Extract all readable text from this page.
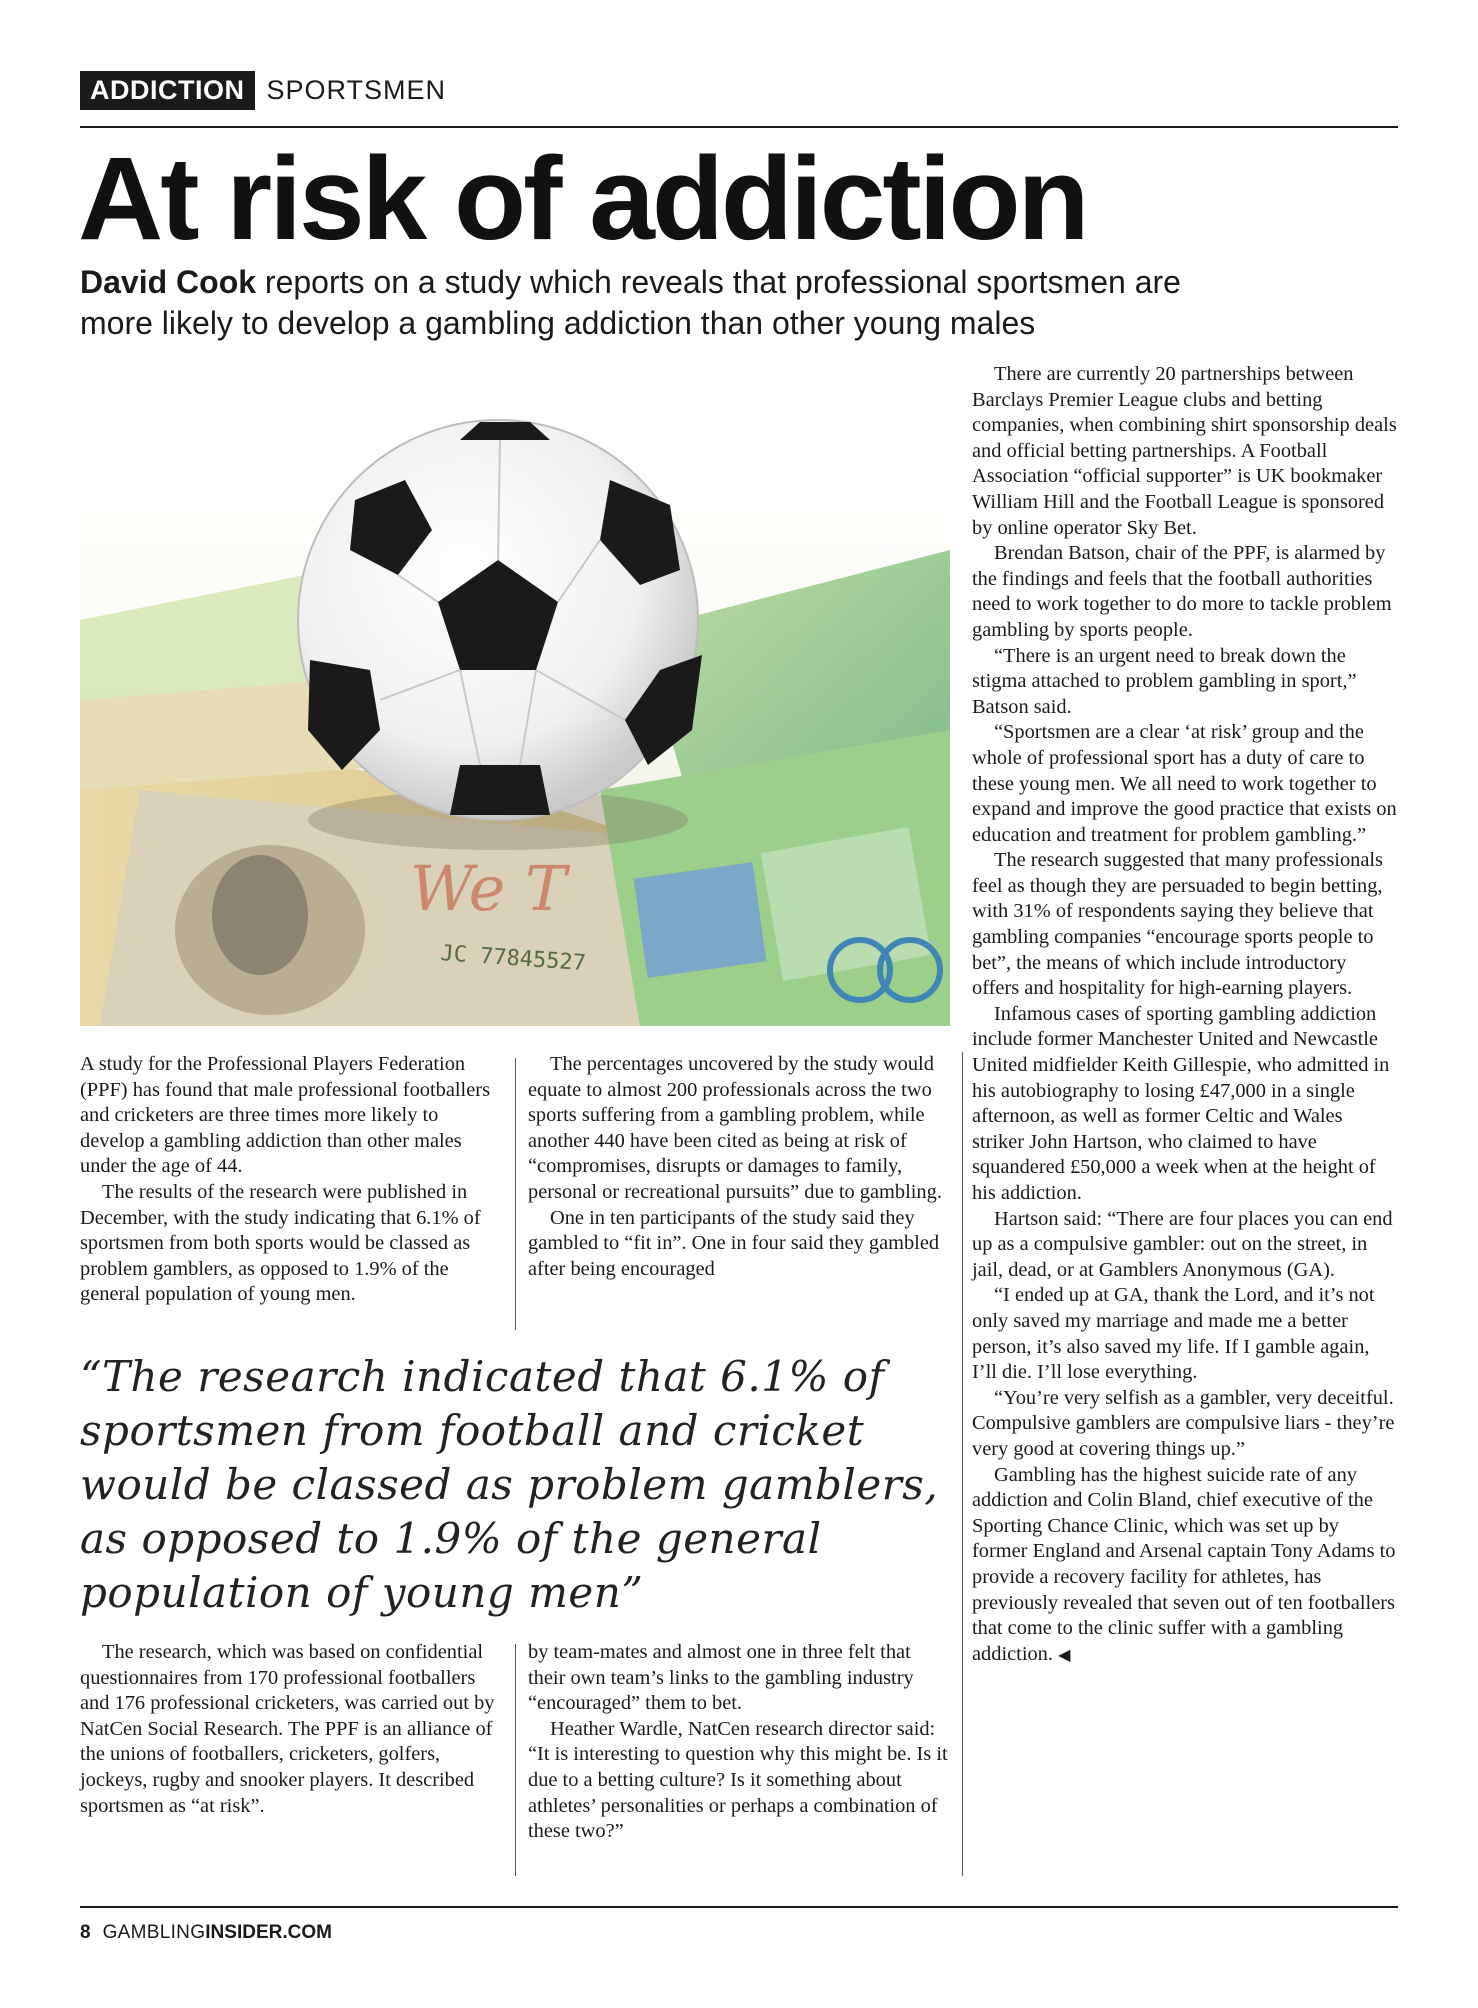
ADDICTION SPORTSMEN
At risk of addiction

David Cook reports on a study which reveals that professional sportsmen are more likely to develop a gambling addiction than other young males

We T
JC 77845527

A study for the Professional Players Federation (PPF) has found that male professional footballers and cricketers are three times more likely to develop a gambling addiction than other males under the age of 44.

The results of the research were published in December, with the study indicating that 6.1% of sportsmen from both sports would be classed as problem gamblers, as opposed to 1.9% of the general population of young men.

The percentages uncovered by the study would equate to almost 200 professionals across the two sports suffering from a gambling problem, while another 440 have been cited as being at risk of “compromises, disrupts or damages to family, personal or recreational pursuits” due to gambling.

One in ten participants of the study said they gambled to “fit in”. One in four said they gambled after being encouraged

“The research indicated that 6.1% of sportsmen from football and cricket would be classed as problem gamblers, as opposed to 1.9% of the general population of young men”

The research, which was based on confidential questionnaires from 170 professional footballers and 176 professional cricketers, was carried out by NatCen Social Research. The PPF is an alliance of the unions of footballers, cricketers, golfers, jockeys, rugby and snooker players. It described sportsmen as “at risk”.

by team-mates and almost one in three felt that their own team’s links to the gambling industry “encouraged” them to bet.

Heather Wardle, NatCen research director said: “It is interesting to question why this might be. Is it due to a betting culture? Is it something about athletes’ personalities or perhaps a combination of these two?”

There are currently 20 partnerships between Barclays Premier League clubs and betting companies, when combining shirt sponsorship deals and official betting partnerships. A Football Association “official supporter” is UK bookmaker William Hill and the Football League is sponsored by online operator Sky Bet.

Brendan Batson, chair of the PPF, is alarmed by the findings and feels that the football authorities need to work together to do more to tackle problem gambling by sports people.

“There is an urgent need to break down the stigma attached to problem gambling in sport,” Batson said.

“Sportsmen are a clear ‘at risk’ group and the whole of professional sport has a duty of care to these young men. We all need to work together to expand and improve the good practice that exists on education and treatment for problem gambling.”

The research suggested that many professionals feel as though they are persuaded to begin betting, with 31% of respondents saying they believe that gambling companies “encourage sports people to bet”, the means of which include introductory offers and hospitality for high-earning players.

Infamous cases of sporting gambling addiction include former Manchester United and Newcastle United midfielder Keith Gillespie, who admitted in his autobiography to losing £47,000 in a single afternoon, as well as former Celtic and Wales striker John Hartson, who claimed to have squandered £50,000 a week when at the height of his addiction.

Hartson said: “There are four places you can end up as a compulsive gambler: out on the street, in jail, dead, or at Gamblers Anonymous (GA).

“I ended up at GA, thank the Lord, and it’s not only saved my marriage and made me a better person, it’s also saved my life. If I gamble again, I’ll die. I’ll lose everything.

“You’re very selfish as a gambler, very deceitful. Compulsive gamblers are compulsive liars - they’re very good at covering things up.”

Gambling has the highest suicide rate of any addiction and Colin Bland, chief executive of the Sporting Chance Clinic, which was set up by former England and Arsenal captain Tony Adams to provide a recovery facility for athletes, has previously revealed that seven out of ten footballers that come to the clinic suffer with a gambling addiction. ◀

8 GAMBLING INSIDER.COM
